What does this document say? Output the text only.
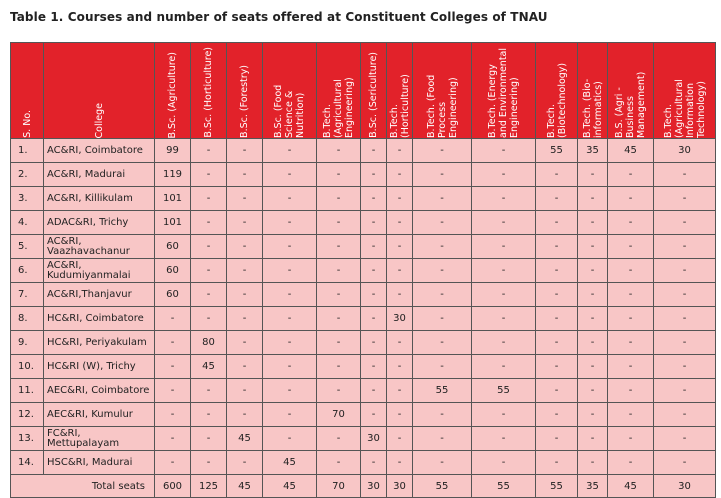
Table 1. Courses and number of seats offered at Constituent Colleges of TNAU
S. No.	College	B.Sc. (Agriculture)	B.Sc. (Horticulture)	B.Sc. (Forestry)	B.Sc. (Food Science & Nutrition)	B.Tech. (Agricultural Engineering)	B.Sc. (Sericulture)	B.Tech. (Horticulture)	B.Tech. (Food Process Engineering)	B.Tech. (Energy and Environmental Engineering)	B.Tech. (Biotechnology)	B.Tech. (Bio-informatics)	B.S. (Agri - Business Management)	B.Tech. (Agricultural Information Technology)

1.	AC&RI, Coimbatore	99	-	-	-	-	-	-	-	-	55	35	45	30
2.	AC&RI, Madurai	119	-	-	-	-	-	-	-	-	-	-	-	-
3.	AC&RI, Killikulam	101	-	-	-	-	-	-	-	-	-	-	-	-
4.	ADAC&RI, Trichy	101	-	-	-	-	-	-	-	-	-	-	-	-
5.	AC&RI, Vaazhavachanur	60	-	-	-	-	-	-	-	-	-	-	-	-
6.	AC&RI, Kudumiyanmalai	60	-	-	-	-	-	-	-	-	-	-	-	-
7.	AC&RI,Thanjavur	60	-	-	-	-	-	-	-	-	-	-	-	-
8.	HC&RI, Coimbatore	-	-	-	-	-	-	30	-	-	-	-	-	-
9.	HC&RI, Periyakulam	-	80	-	-	-	-	-	-	-	-	-	-	-
10.	HC&RI (W), Trichy	-	45	-	-	-	-	-	-	-	-	-	-	-
11.	AEC&RI, Coimbatore	-	-	-	-	-	-	-	55	55	-	-	-	-
12.	AEC&RI, Kumulur	-	-	-	-	70	-	-	-	-	-	-	-	-
13.	FC&RI, Mettupalayam	-	-	45	-	-	30	-	-	-	-	-	-	-
14.	HSC&RI, Madurai	-	-	-	45	-	-	-	-	-	-	-	-	-
Total seats		600	125	45	45	70	30	30	55	55	55	35	45	30
